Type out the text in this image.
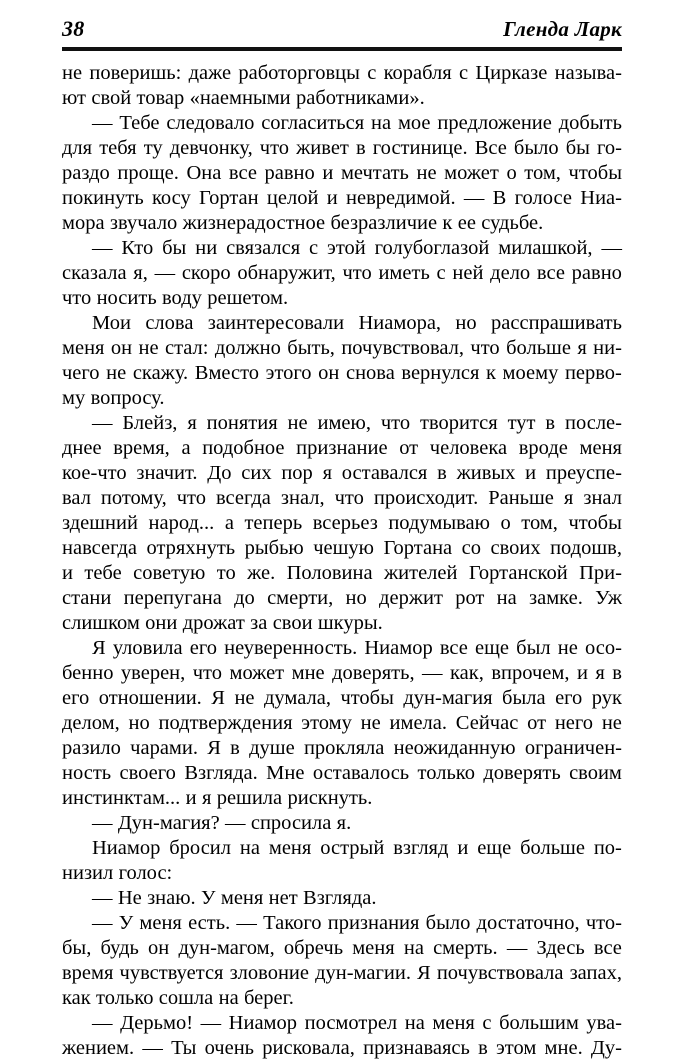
38	Гленда Ларк

не поверишь: даже работорговцы с корабля с Цирказе называ-
ют свой товар «наемными работниками».

— Тебе следовало согласиться на мое предложение добыть
для тебя ту девчонку, что живет в гостинице. Все было бы го-
раздо проще. Она все равно и мечтать не может о том, чтобы
покинуть косу Гортан целой и невредимой. — В голосе Ниа-
мора звучало жизнерадостное безразличие к ее судьбе.

— Кто бы ни связался с этой голубоглазой милашкой, —
сказала я, — скоро обнаружит, что иметь с ней дело все равно
что носить воду решетом.

Мои слова заинтересовали Ниамора, но расспрашивать
меня он не стал: должно быть, почувствовал, что больше я ни-
чего не скажу. Вместо этого он снова вернулся к моему перво-
му вопросу.

— Блейз, я понятия не имею, что творится тут в после-
днее время, а подобное признание от человека вроде меня
кое-что значит. До сих пор я оставался в живых и преуспе-
вал потому, что всегда знал, что происходит. Раньше я знал
здешний народ... а теперь всерьез подумываю о том, чтобы
навсегда отряхнуть рыбью чешую Гортана со своих подошв,
и тебе советую то же. Половина жителей Гортанской При-
стани перепугана до смерти, но держит рот на замке. Уж
слишком они дрожат за свои шкуры.

Я уловила его неуверенность. Ниамор все еще был не осо-
бенно уверен, что может мне доверять, — как, впрочем, и я в
его отношении. Я не думала, чтобы дун-магия была его рук
делом, но подтверждения этому не имела. Сейчас от него не
разило чарами. Я в душе прокляла неожиданную ограничен-
ность своего Взгляда. Мне оставалось только доверять своим
инстинктам... и я решила рискнуть.

— Дун-магия? — спросила я.

Ниамор бросил на меня острый взгляд и еще больше по-
низил голос:

— Не знаю. У меня нет Взгляда.

— У меня есть. — Такого признания было достаточно, что-
бы, будь он дун-магом, обречь меня на смерть. — Здесь все
время чувствуется зловоние дун-магии. Я почувствовала запах,
как только сошла на берег.

— Дерьмо! — Ниамор посмотрел на меня с большим ува-
жением. — Ты очень рисковала, признаваясь в этом мне. Ду-
